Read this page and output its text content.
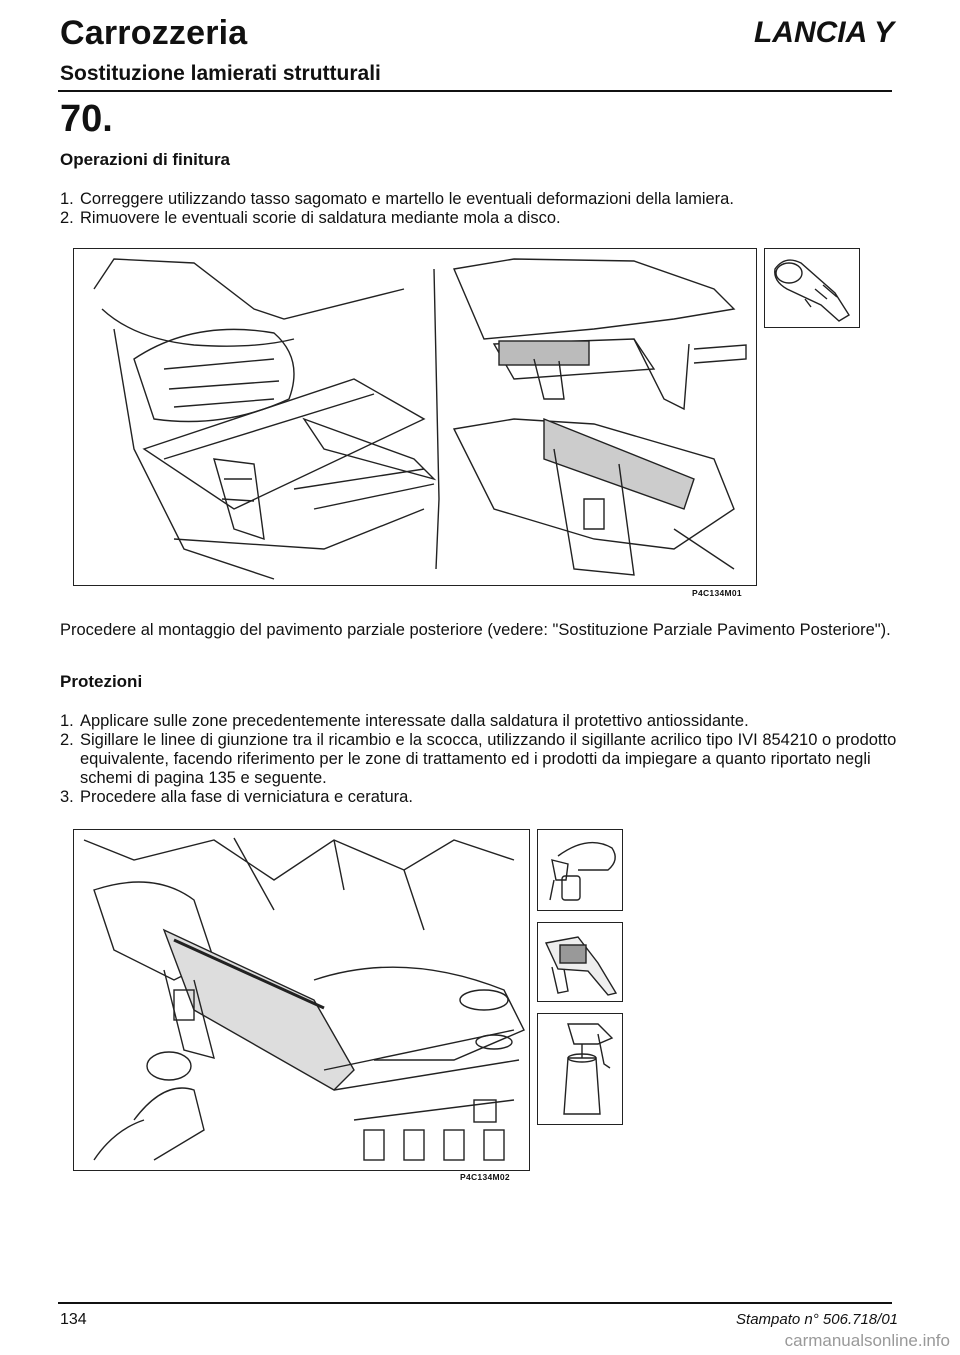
Carrozzeria	LANCIA Y
Sostituzione lamierati strutturali
70.
Operazioni di finitura
1. Correggere utilizzando tasso sagomato e martello le eventuali deformazioni della lamiera.
2. Rimuovere le eventuali scorie di saldatura mediante mola a disco.
P4C134M01
Procedere al montaggio del pavimento parziale posteriore (vedere: "Sostituzione Parziale Pavimento Posteriore").
Protezioni
1. Applicare sulle zone precedentemente interessate dalla saldatura il protettivo antiossidante.
2. Sigillare le linee di giunzione tra il ricambio e la scocca, utilizzando il sigillante acrilico tipo IVI 854210 o prodotto equivalente, facendo riferimento per le zone di trattamento ed i prodotti da impiegare a quanto riportato negli schemi di pagina 135 e seguente.
3. Procedere alla fase di verniciatura e ceratura.
P4C134M02
134	Stampato n° 506.718/01
carmanualsonline.info
